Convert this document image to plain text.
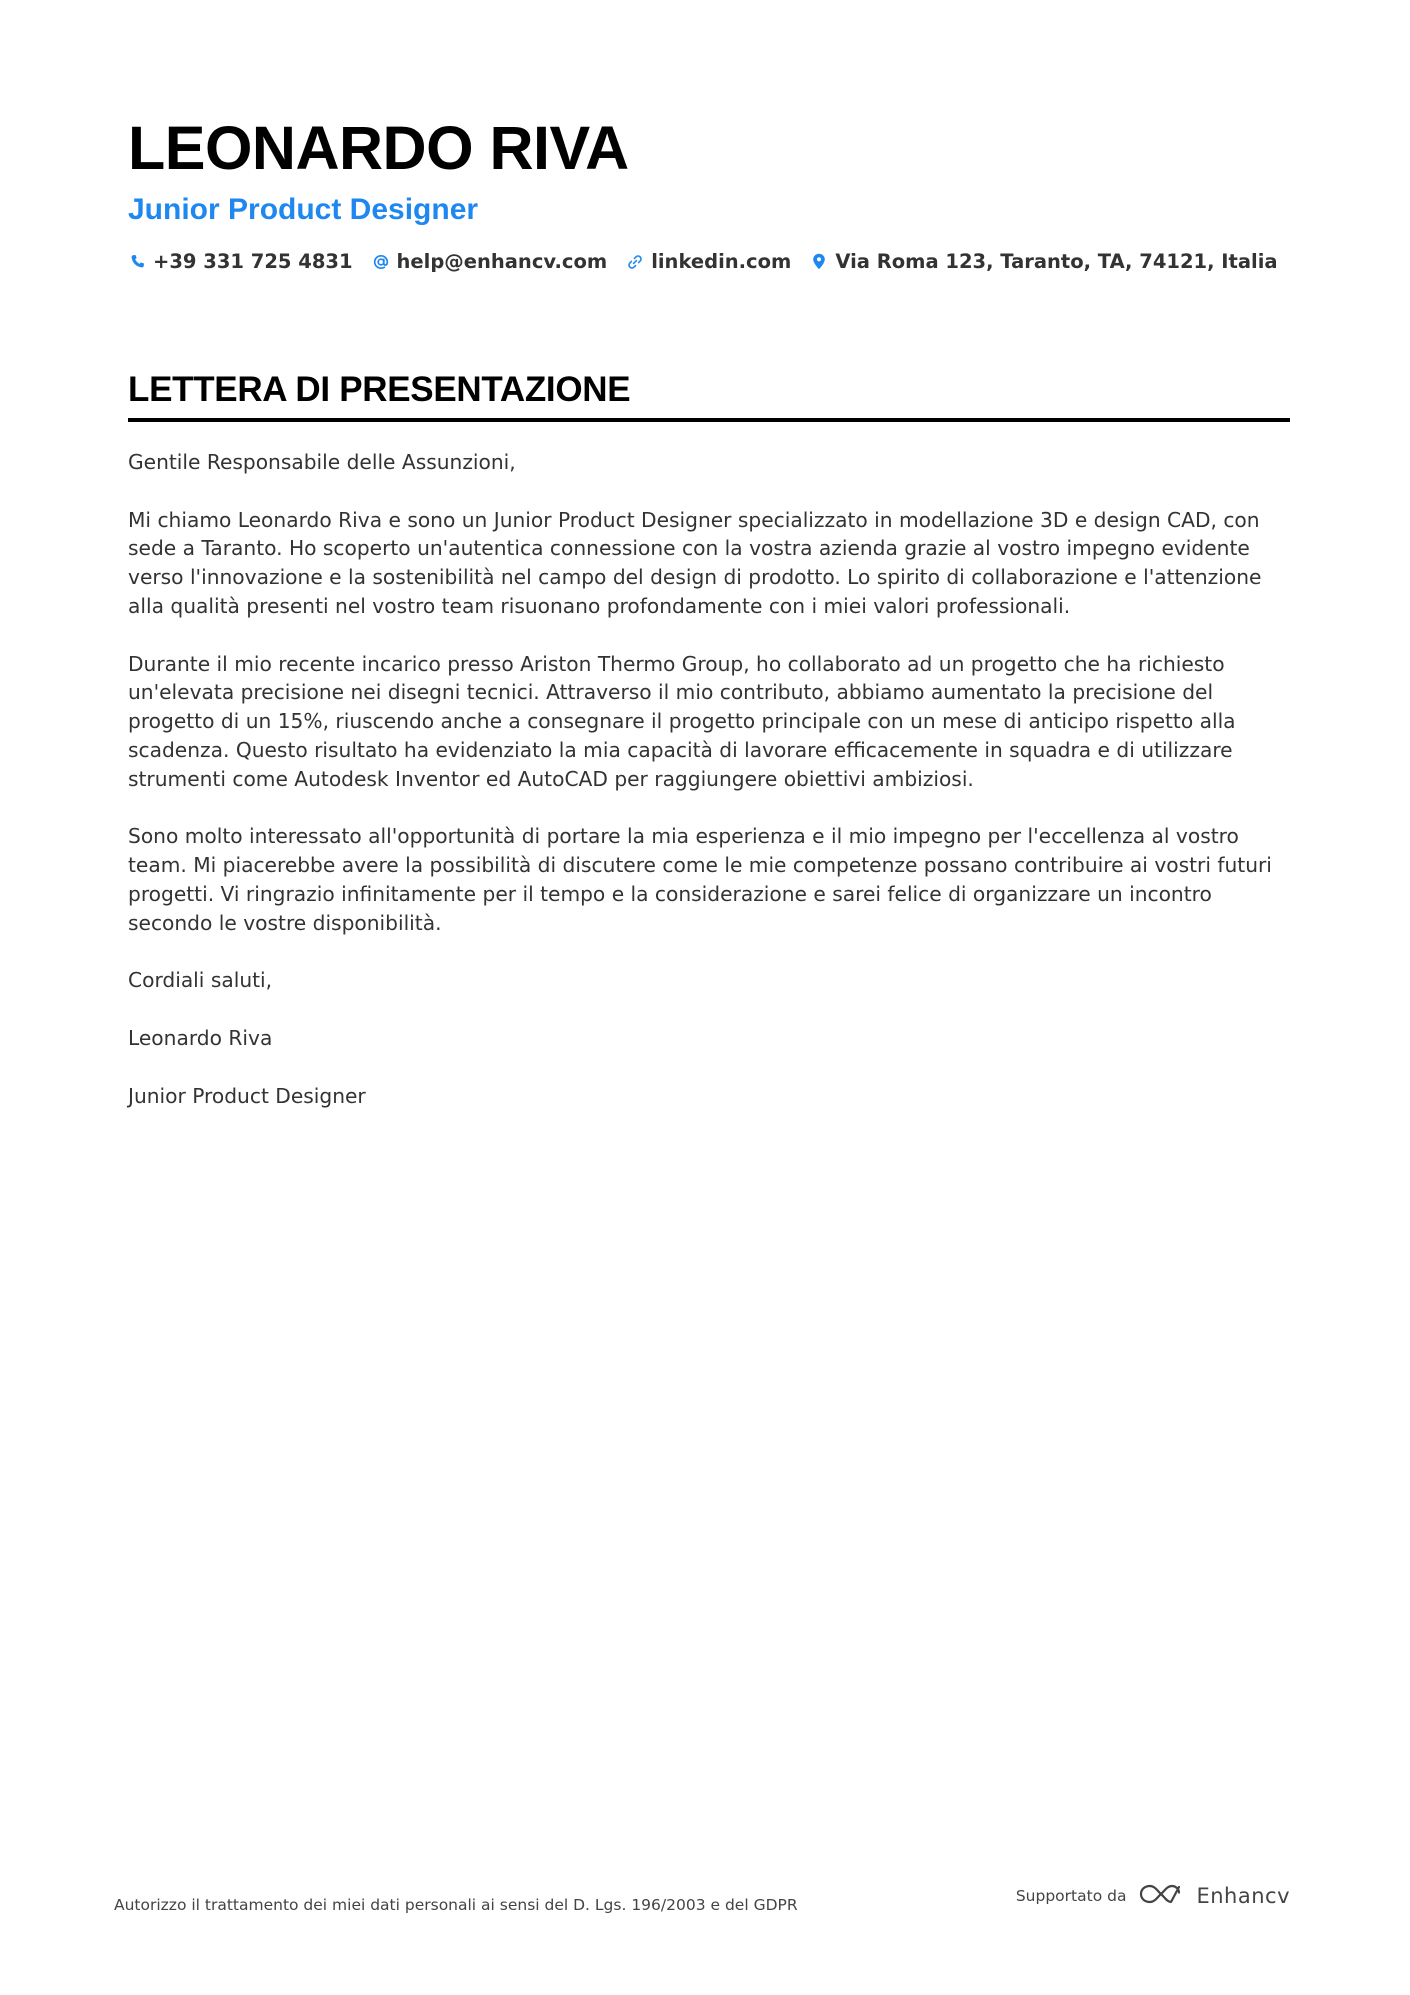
LEONARDO RIVA
Junior Product Designer
+39 331 725 4831 help@enhancv.com linkedin.com Via Roma 123, Taranto, TA, 74121, Italia
LETTERA DI PRESENTAZIONE

Gentile Responsabile delle Assunzioni,

Mi chiamo Leonardo Riva e sono un Junior Product Designer specializzato in modellazione 3D e design CAD, con sede a Taranto. Ho scoperto un'autentica connessione con la vostra azienda grazie al vostro impegno evidente verso l'innovazione e la sostenibilità nel campo del design di prodotto. Lo spirito di collaborazione e l'attenzione alla qualità presenti nel vostro team risuonano profondamente con i miei valori professionali.

Durante il mio recente incarico presso Ariston Thermo Group, ho collaborato ad un progetto che ha richiesto un'elevata precisione nei disegni tecnici. Attraverso il mio contributo, abbiamo aumentato la precisione del progetto di un 15%, riuscendo anche a consegnare il progetto principale con un mese di anticipo rispetto alla scadenza. Questo risultato ha evidenziato la mia capacità di lavorare efficacemente in squadra e di utilizzare strumenti come Autodesk Inventor ed AutoCAD per raggiungere obiettivi ambiziosi.

Sono molto interessato all'opportunità di portare la mia esperienza e il mio impegno per l'eccellenza al vostro team. Mi piacerebbe avere la possibilità di discutere come le mie competenze possano contribuire ai vostri futuri progetti. Vi ringrazio infinitamente per il tempo e la considerazione e sarei felice di organizzare un incontro secondo le vostre disponibilità.

Cordiali saluti,

Leonardo Riva

Junior Product Designer

Autorizzo il trattamento dei miei dati personali ai sensi del D. Lgs. 196/2003 e del GDPR	Supportato da	Enhancv
